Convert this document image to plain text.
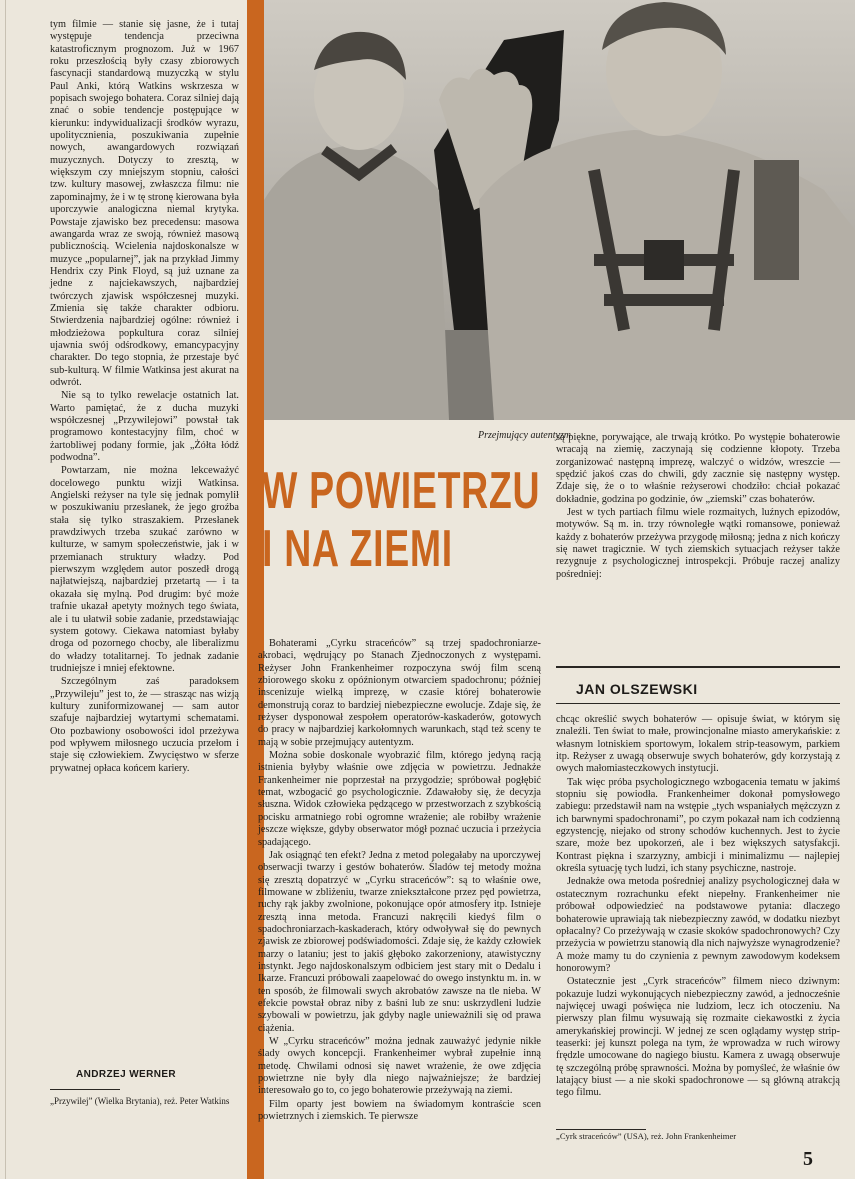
tym filmie — stanie się jasne, że i tutaj występuje tendencja przeciwna katastroficznym prognozom. Już w 1967 roku przeszłością były czasy zbiorowych fascynacji standardową muzyczką w stylu Paul Anki, którą Watkins wskrzesza w popisach swojego bohatera. Coraz silniej dają znać o sobie tendencje postępujące w kierunku: indywidualizacji środków wyrazu, upolitycznienia, poszukiwania zupełnie nowych, awangardowych rozwiązań muzycznych. Dotyczy to zresztą, w większym czy mniejszym stopniu, całości tzw. kultury masowej, zwłaszcza filmu: nie zapominajmy, że i w tę stronę kierowana była uporczywie analogiczna niemal krytyka. Powstaje zjawisko bez precedensu: masowa awangarda wraz ze swoją, również masową publicznością. Wcielenia najdoskonalsze w muzyce „popularnej”, jak na przykład Jimmy Hendrix czy Pink Floyd, są już uznane za jedne z najciekawszych, najbardziej twórczych zjawisk współczesnej muzyki. Zmienia się także charakter odbioru. Stwierdzenia najbardziej ogólne: również i młodzieżowa popkultura coraz silniej ujawnia swój odśrodkowy, emancypacyjny charakter. Do tego stopnia, że przestaje być sub-kulturą. W filmie Watkinsa jest akurat na odwrót.

Nie są to tylko rewelacje ostatnich lat. Warto pamiętać, że z ducha muzyki współczesnej „Przywilejowi” powstał tak programowo kontestacyjny film, choć w żartobliwej podany formie, jak „Żółta łódź podwodna”.

Powtarzam, nie można lekceważyć docelowego punktu wizji Watkinsa. Angielski reżyser na tyle się jednak pomylił w poszukiwaniu przesłanek, że jego groźba stała się tylko straszakiem. Przesłanek prawdziwych trzeba szukać zarówno w kulturze, w samym społeczeństwie, jak i w przemianach struktury władzy. Pod pierwszym względem autor poszedł drogą najłatwiejszą, najbardziej przetartą — i ta okazała się mylną. Pod drugim: być może trafnie ukazał apetyty możnych tego świata, ale i tu ułatwił sobie zadanie, przedstawiając system gotowy. Ciekawa natomiast byłaby droga od pozornego chocby, ale liberalizmu do władzy totalitarnej. To jednak zadanie trudniejsze i mniej efektowne.

Szczególnym zaś paradoksem „Przywileju” jest to, że — strasząc nas wizją kultury zuniformizowanej — sam autor szafuje najbardziej wytartymi schematami. Oto pozbawiony osobowości idol przeżywa pod wpływem miłosnego uczucia przełom i staje się człowiekiem. Zwycięstwo w sferze prywatnej opłaca końcem kariery.

ANDRZEJ WERNER
„Przywilej” (Wielka Brytania), reż. Peter Watkins
Przejmujący autentyzm
W POWIETRZU
I NA ZIEMI

Bohaterami „Cyrku straceńców” są trzej spadochroniarze-akrobaci, wędrujący po Stanach Zjednoczonych z występami. Reżyser John Frankenheimer rozpoczyna swój film sceną zbiorowego skoku z opóźnionym otwarciem spadochronu; później inscenizuje wielką imprezę, w czasie której bohaterowie demonstrują coraz to bardziej niebezpieczne ewolucje. Zdaje się, że reżyser dysponował zespołem operatorów-kaskaderów, gotowych do pracy w najbardziej karkołomnych warunkach, stąd też sceny te mają w sobie przejmujący autentyzm.

Można sobie doskonale wyobrazić film, którego jedyną racją istnienia byłyby właśnie owe zdjęcia w powietrzu. Jednakże Frankenheimer nie poprzestał na przygodzie; spróbował pogłębić temat, wzbogacić go psychologicznie. Zdawałoby się, że decyzja słuszna. Widok człowieka pędzącego w przestworzach z szybkością pocisku armatniego robi ogromne wrażenie; ale robiłby wrażenie jeszcze większe, gdyby obserwator mógł poznać uczucia i przeżycia spadającego.

Jak osiągnąć ten efekt? Jedna z metod polegałaby na uporczywej obserwacji twarzy i gestów bohaterów. Śladów tej metody można się zresztą dopatrzyć w „Cyrku straceńców”: są to właśnie owe, filmowane w zbliżeniu, twarze zniekształcone przez pęd powietrza, ruchy rąk jakby zwolnione, pokonujące opór atmosfery itp. Istnieje zresztą inna metoda. Francuzi nakręcili kiedyś film o spadochroniarzach-kaskaderach, który odwoływał się do pewnych zjawisk ze zbiorowej podświadomości. Zdaje się, że każdy człowiek marzy o lataniu; jest to jakiś głęboko zakorzeniony, atawistyczny instynkt. Jego najdoskonalszym odbiciem jest stary mit o Dedalu i Ikarze. Francuzi próbowali zaapelować do owego instynktu m. in. w ten sposób, że filmowali swych akrobatów zawsze na tle nieba. W efekcie powstał obraz niby z baśni lub ze snu: uskrzydleni ludzie szybowali w powietrzu, jak gdyby nagle unieważnili się od prawa ciążenia.

W „Cyrku straceńców” można jednak zauważyć jedynie nikłe ślady owych koncepcji. Frankenheimer wybrał zupełnie inną metodę. Chwilami odnosi się nawet wrażenie, że owe zdjęcia powietrzne nie były dla niego najważniejsze; że bardziej interesowało go to, co jego bohaterowie przeżywają na ziemi.

Film oparty jest bowiem na świadomym kontraście scen powietrznych i ziemskich. Te pierwsze

są piękne, porywające, ale trwają krótko. Po występie bohaterowie wracają na ziemię, zaczynają się codzienne kłopoty. Trzeba zorganizować następną imprezę, walczyć o widzów, wreszcie — spędzić jakoś czas do chwili, gdy zacznie się następny występ. Zdaje się, że o to właśnie reżyserowi chodziło: chciał pokazać dokładnie, godzina po godzinie, ów „ziemski” czas bohaterów.

Jest w tych partiach filmu wiele rozmaitych, luźnych epizodów, motywów. Są m. in. trzy równoległe wątki romansowe, ponieważ każdy z bohaterów przeżywa przygodę miłosną; jedna z nich kończy się nawet tragicznie. W tych ziemskich sytuacjach reżyser także rezygnuje z psychologicznej introspekcji. Próbuje raczej analizy pośredniej:

JAN OLSZEWSKI

chcąc określić swych bohaterów — opisuje świat, w którym się znaleźli. Ten świat to małe, prowincjonalne miasto amerykańskie: z własnym lotniskiem sportowym, lokalem strip-teasowym, parkiem itp. Reżyser z uwagą obserwuje swych bohaterów, gdy korzystają z owych małomiasteczkowych instytucji.

Tak więc próba psychologicznego wzbogacenia tematu w jakimś stopniu się powiodła. Frankenheimer dokonał pomysłowego zabiegu: przedstawił nam na wstępie „tych wspaniałych mężczyzn z ich barwnymi spadochronami”, po czym pokazał nam ich codzienną egzystencję, niejako od strony schodów kuchennych. Jest to życie szare, może bez upokorzeń, ale i bez większych satysfakcji. Kontrast piękna i szarzyzny, ambicji i minimalizmu — najlepiej określa sytuację tych ludzi, ich stany psychiczne, nastroje.

Jednakże owa metoda pośredniej analizy psychologicznej dała w ostatecznym rozrachunku efekt niepełny. Frankenheimer nie próbował odpowiedzieć na podstawowe pytania: dlaczego bohaterowie uprawiają tak niebezpieczny zawód, w dodatku niezbyt opłacalny? Co przeżywają w czasie skoków spadochronowych? Czy przeżycia w powietrzu stanowią dla nich najwyższe wynagrodzenie? A może mamy tu do czynienia z pewnym zawodowym kodeksem honorowym?

Ostatecznie jest „Cyrk straceńców” filmem nieco dziwnym: pokazuje ludzi wykonujących niebezpieczny zawód, a jednocześnie najwięcej uwagi poświęca nie ludziom, lecz ich otoczeniu. Na pierwszy plan filmu wysuwają się rozmaite ciekawostki z życia amerykańskiej prowincji. W jednej ze scen oglądamy występ strip-teaserki: jej kunszt polega na tym, że wprowadza w ruch wirowy frędzle umocowane do nagiego biustu. Kamera z uwagą obserwuje tę szczególną próbę sprawności. Można by pomyśleć, że właśnie ów latający biust — a nie skoki spadochronowe — są główną atrakcją tego filmu.

„Cyrk straceńców” (USA), reż. John Frankenheimer
5
